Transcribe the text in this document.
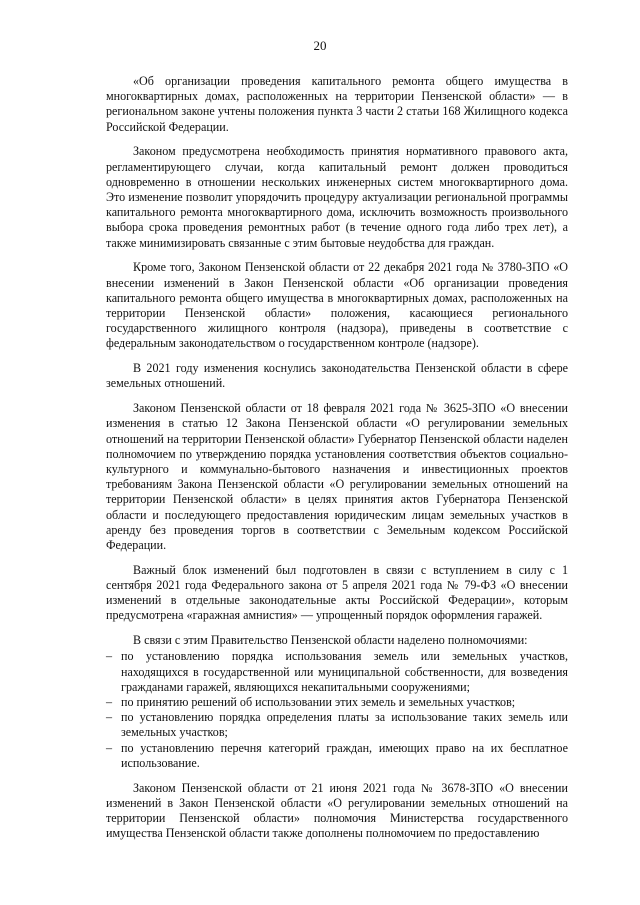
20

«Об организации проведения капитального ремонта общего имущества в многоквартирных домах, расположенных на территории Пензенской области» — в региональном законе учтены положения пункта 3 части 2 статьи 168 Жилищного кодекса Российской Федерации.

Законом предусмотрена необходимость принятия нормативного правового акта, регламентирующего случаи, когда капитальный ремонт должен проводиться одновременно в отношении нескольких инженерных систем многоквартирного дома. Это изменение позволит упорядочить процедуру актуализации региональной программы капитального ремонта многоквартирного дома, исключить возможность произвольного выбора срока проведения ремонтных работ (в течение одного года либо трех лет), а также минимизировать связанные с этим бытовые неудобства для граждан.

Кроме того, Законом Пензенской области от 22 декабря 2021 года № 3780-ЗПО «О внесении изменений в Закон Пензенской области «Об организации проведения капитального ремонта общего имущества в многоквартирных домах, расположенных на территории Пензенской области» положения, касающиеся регионального государственного жилищного контроля (надзора), приведены в соответствие с федеральным законодательством о государственном контроле (надзоре).

В 2021 году изменения коснулись законодательства Пензенской области в сфере земельных отношений.

Законом Пензенской области от 18 февраля 2021 года № 3625-ЗПО «О внесении изменения в статью 12 Закона Пензенской области «О регулировании земельных отношений на территории Пензенской области» Губернатор Пензенской области наделен полномочием по утверждению порядка установления соответствия объектов социально-культурного и коммунально-бытового назначения и инвестиционных проектов требованиям Закона Пензенской области «О регулировании земельных отношений на территории Пензенской области» в целях принятия актов Губернатора Пензенской области и последующего предоставления юридическим лицам земельных участков в аренду без проведения торгов в соответствии с Земельным кодексом Российской Федерации.

Важный блок изменений был подготовлен в связи с вступлением в силу с 1 сентября 2021 года Федерального закона от 5 апреля 2021 года № 79-ФЗ «О внесении изменений в отдельные законодательные акты Российской Федерации», которым предусмотрена «гаражная амнистия» — упрощенный порядок оформления гаражей.

В связи с этим Правительство Пензенской области наделено полномочиями:

– по установлению порядка использования земель или земельных участков, находящихся в государственной или муниципальной собственности, для возведения гражданами гаражей, являющихся некапитальными сооружениями;
– по принятию решений об использовании этих земель и земельных участков;
– по установлению порядка определения платы за использование таких земель или земельных участков;
– по установлению перечня категорий граждан, имеющих право на их бесплатное использование.

Законом Пензенской области от 21 июня 2021 года № 3678-ЗПО «О внесении изменений в Закон Пензенской области «О регулировании земельных отношений на территории Пензенской области» полномочия Министерства государственного имущества Пензенской области также дополнены полномочием по предоставлению
